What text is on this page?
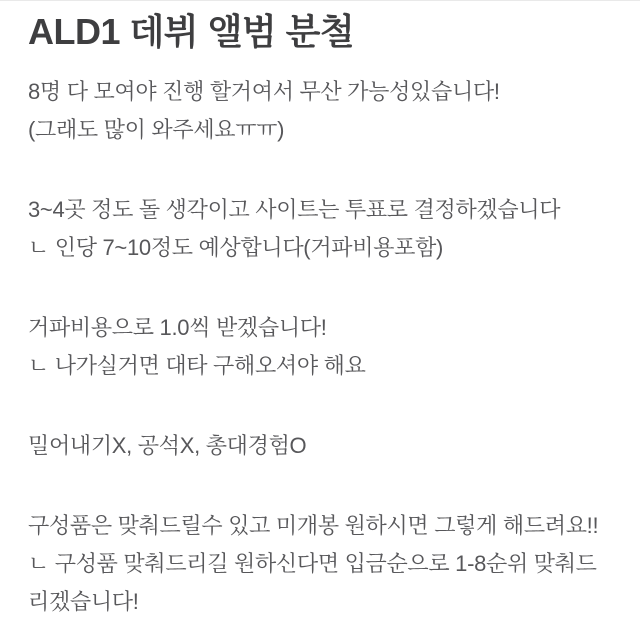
ALD1 데뷔 앨범 분철
8명 다 모여야 진행 할거여서 무산 가능성있습니다!
(그래도 많이 와주세요ㅠㅠ)
3~4곳 정도 돌 생각이고 사이트는 투표로 결정하겠습니다
ㄴ 인당 7~10정도 예상합니다(거파비용포함)
거파비용으로 1.0씩 받겠습니다!
ㄴ 나가실거면 대타 구해오셔야 해요
밀어내기X, 공석X, 총대경험O
구성품은 맞춰드릴수 있고 미개봉 원하시면 그렇게 해드려요!!
ㄴ 구성품 맞춰드리길 원하신다면 입금순으로 1-8순위 맞춰드리겠습니다!
